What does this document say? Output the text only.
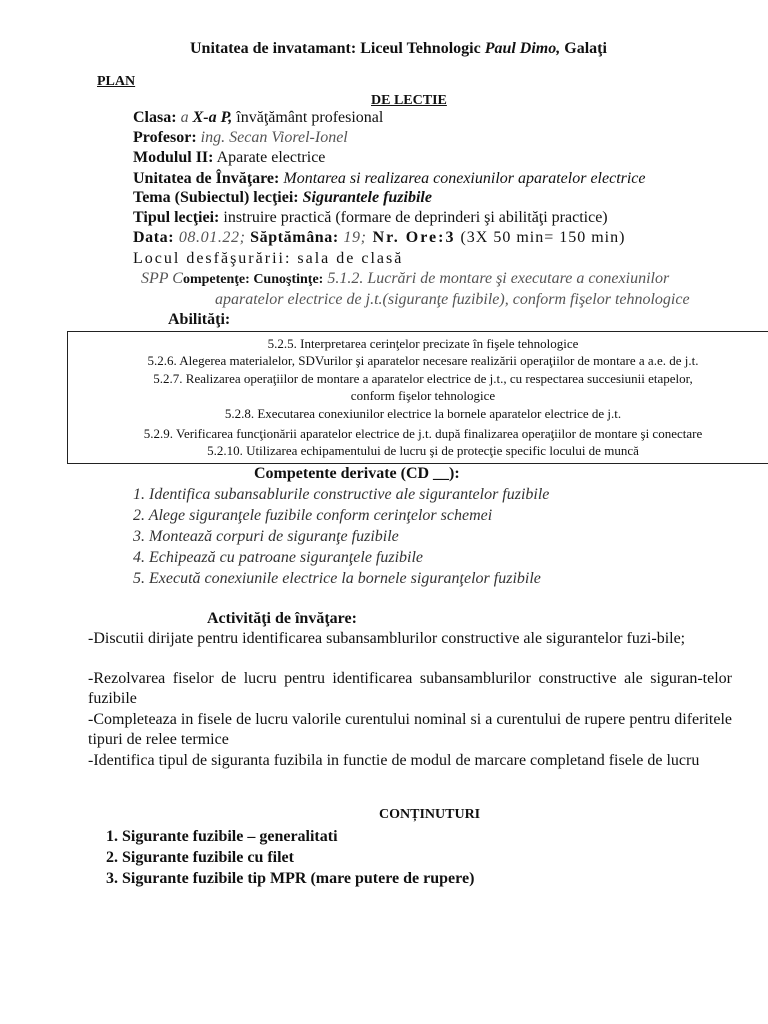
Unitatea de invatamant: Liceul Tehnologic Paul Dimo, Galaţi
PLAN
DE LECTIE
Clasa: a X-a P, învăţământ profesional
Profesor: ing. Secan Viorel-Ionel
Modulul II: Aparate electrice
Unitatea de Învăţare: Montarea si realizarea conexiunilor aparatelor electrice
Tema (Subiectul) lecţiei: Sigurantele fuzibile
Tipul lecţiei: instruire practică (formare de deprinderi şi abilităţi practice)
Data: 08.01.22; Săptămâna: 19; Nr. Ore:3 (3X 50 min= 150 min)
Locul desfăşurării: sala de clasă
SPP Competenţe: Cunoştinţe: 5.1.2. Lucrări de montare şi executare a conexiunilor
aparatelor electrice de j.t.(siguranţe fuzibile), conform fişelor tehnologice
Abilităţi:
5.2.5. Interpretarea cerinţelor precizate în fişele tehnologice
5.2.6. Alegerea materialelor, SDVurilor şi aparatelor necesare realizării operaţiilor de montare a a.e. de j.t.
5.2.7. Realizarea operaţiilor de montare a aparatelor electrice de j.t., cu respectarea succesiunii etapelor,
conform fişelor tehnologice
5.2.8. Executarea conexiunilor electrice la bornele aparatelor electrice de j.t.
5.2.9. Verificarea funcţionării aparatelor electrice de j.t. după finalizarea operaţiilor de montare şi conectare
5.2.10. Utilizarea echipamentului de lucru şi de protecţie specific locului de muncă
Competente derivate (CD __):
1. Identifica subansablurile constructive ale sigurantelor fuzibile
2. Alege siguranţele fuzibile conform cerinţelor schemei
3. Montează corpuri de siguranţe fuzibile
4. Echipează cu patroane siguranţele fuzibile
5. Execută conexiunile electrice la bornele siguranţelor fuzibile
Activităţi de învăţare:
-Discutii dirijate pentru identificarea subansamblurilor constructive ale sigurantelor fuzi-bile;
-Rezolvarea fiselor de lucru pentru identificarea subansamblurilor constructive ale siguran-telor fuzibile
-Completeaza in fisele de lucru valorile curentului nominal si a curentului de rupere pentru diferitele tipuri de relee termice
-Identifica tipul de siguranta fuzibila in functie de modul de marcare completand fisele de lucru
CONȚINUTURI
1. Sigurante fuzibile – generalitati
2. Sigurante fuzibile cu filet
3. Sigurante fuzibile tip MPR (mare putere de rupere)
